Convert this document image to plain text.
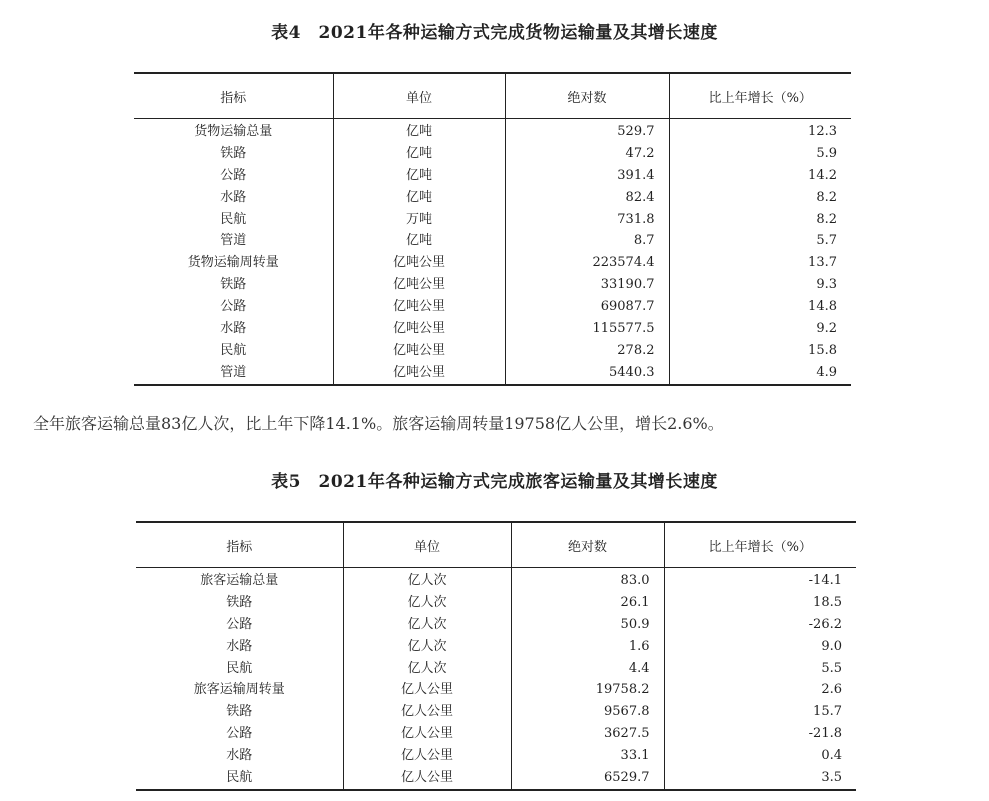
表4　2021年各种运输方式完成货物运输量及其增长速度
指标	单位	绝对数	比上年增长（%）
货物运输总量	亿吨	529.7	12.3
铁路	亿吨	47.2	5.9
公路	亿吨	391.4	14.2
水路	亿吨	82.4	8.2
民航	万吨	731.8	8.2
管道	亿吨	8.7	5.7
货物运输周转量	亿吨公里	223574.4	13.7
铁路	亿吨公里	33190.7	9.3
公路	亿吨公里	69087.7	14.8
水路	亿吨公里	115577.5	9.2
民航	亿吨公里	278.2	15.8
管道	亿吨公里	5440.3	4.9
全年旅客运输总量83亿人次，比上年下降14.1%。旅客运输周转量19758亿人公里，增长2.6%。
表5　2021年各种运输方式完成旅客运输量及其增长速度
指标	单位	绝对数	比上年增长（%）
旅客运输总量	亿人次	83.0	-14.1
铁路	亿人次	26.1	18.5
公路	亿人次	50.9	-26.2
水路	亿人次	1.6	9.0
民航	亿人次	4.4	5.5
旅客运输周转量	亿人公里	19758.2	2.6
铁路	亿人公里	9567.8	15.7
公路	亿人公里	3627.5	-21.8
水路	亿人公里	33.1	0.4
民航	亿人公里	6529.7	3.5
